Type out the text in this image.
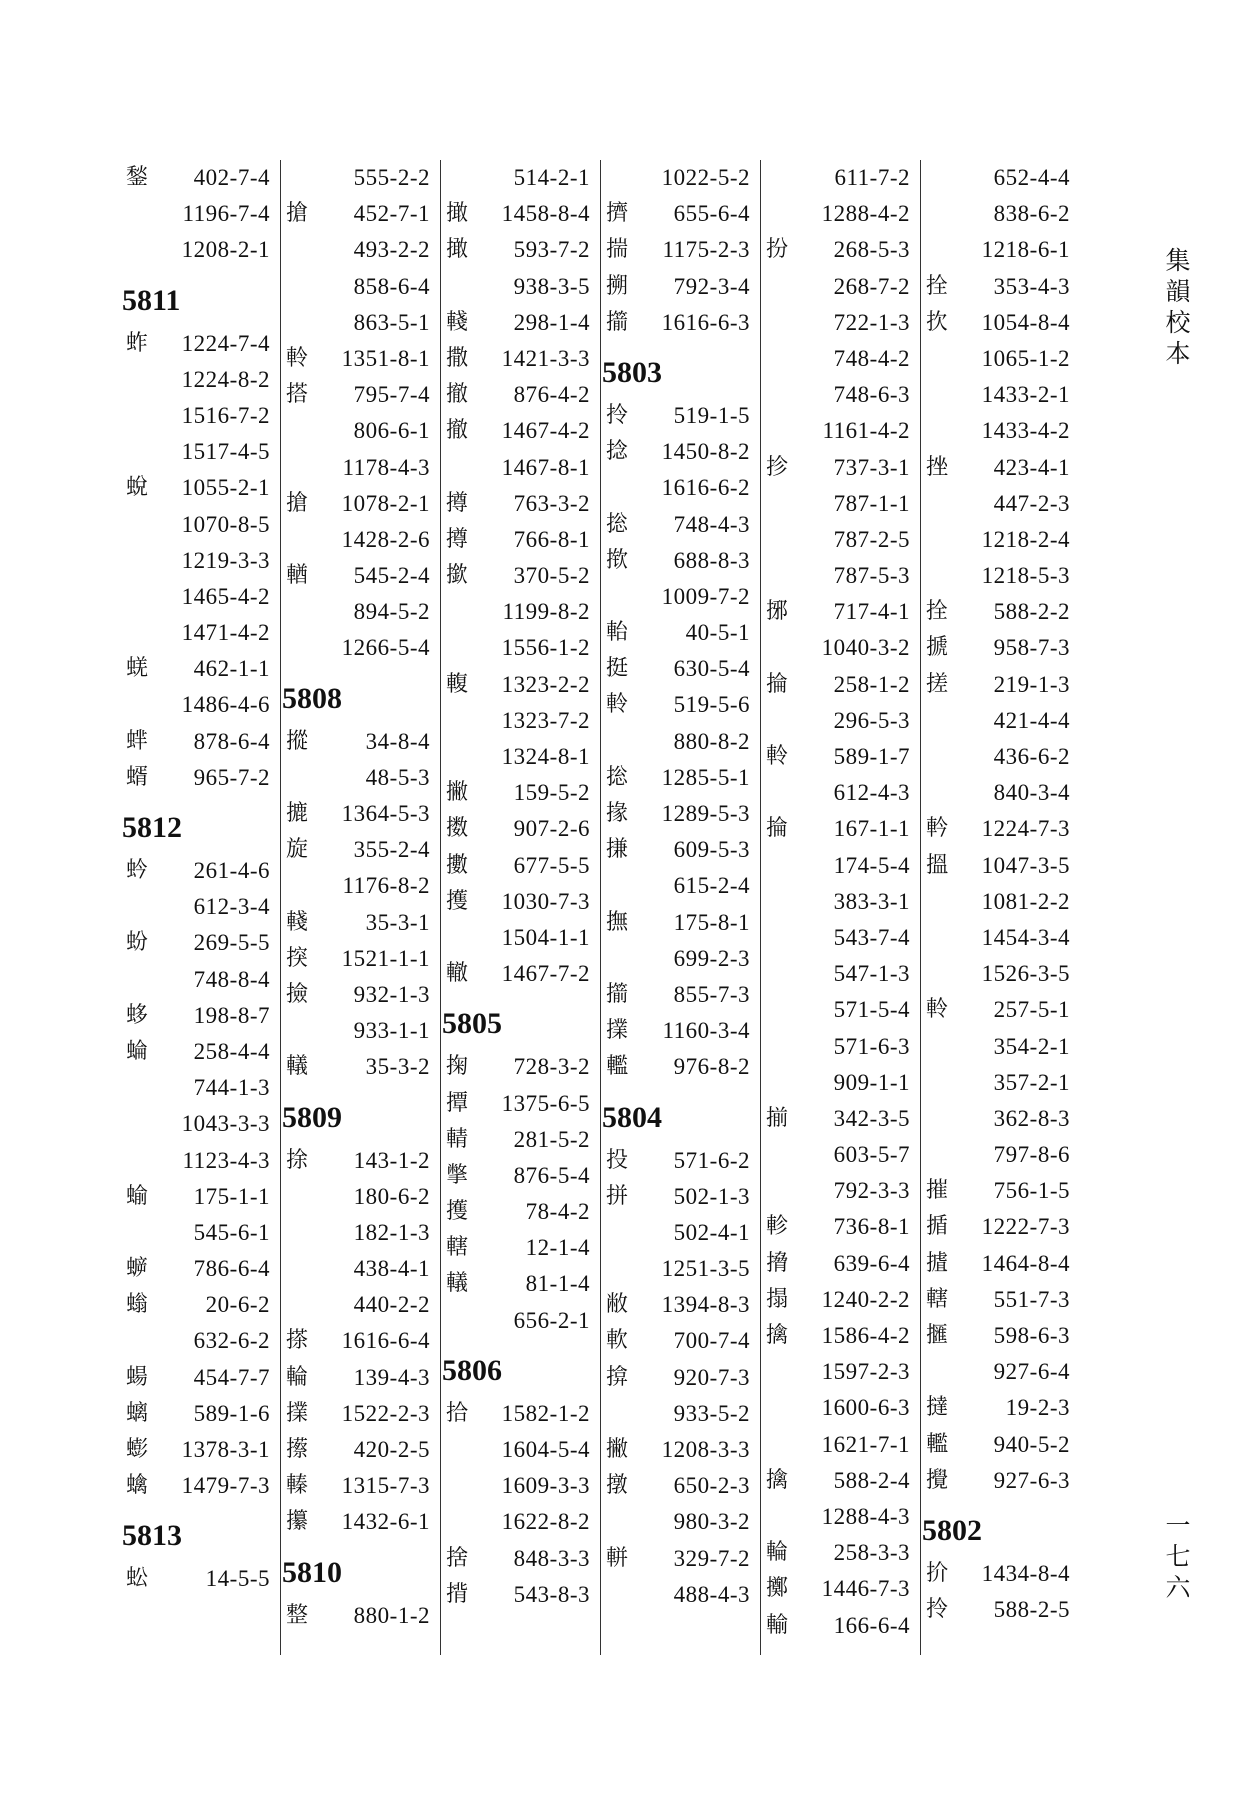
鍫 402-7-4
1196-7-4
1208-2-1
5811
蚱 1224-7-4
1224-8-2
1516-7-2
1517-4-5
蛻 1055-2-1
1070-8-5
1219-3-3
1465-4-2
1471-4-2
蜣 462-1-1
1486-4-6
蝆 878-6-4
蝑 965-7-2
5812
蚙 261-4-6
612-3-4
蚡 269-5-5
748-8-4
蛥 198-8-7
蜦 258-4-4
744-1-3
1043-3-3
1123-4-3
蝓 175-1-1
545-6-1
蝷 786-6-4
螉	20-6-2
632-6-2
蝪 454-7-7
螭 589-1-6
蟛 1378-3-1
蠄 1479-7-3
5813
蚣	14-5-5
555-2-2
搶 452-7-1
493-2-2
858-6-4
863-5-1
軨 1351-8-1
搭 795-7-4
806-6-1
1178-4-3
搶 1078-2-1
1428-2-6
輶 545-2-4
894-5-2
1266-5-4
5808
摐	34-8-4
48-5-3
摝 1364-5-3
旋 355-2-4
1176-8-2
輚	35-3-1
揬 1521-1-1
撿 932-1-3
933-1-1
轙	35-3-2
5809
捈 143-1-2
180-6-2
182-1-3
438-4-1
440-2-2
搽 1616-6-4
輪 139-4-3
擈 1522-2-3
攃 420-2-5
轃 1315-7-3
攥 1432-6-1
5810
整 880-1-2
514-2-1
撖 1458-8-4
撖 593-7-2
938-3-5
輚 298-1-4
撒 1421-3-3
撤 876-4-2
撤 1467-4-2
1467-8-1
撙 763-3-2
撙 766-8-1
撳 370-5-2
1199-8-2
1556-1-2
輹 1323-2-2
1323-7-2
1324-8-1
撇 159-5-2
擞 907-2-6
擻 677-5-5
擭 1030-7-3
1504-1-1
轍 1467-7-2
5805
掬 728-3-2
撢 1375-6-5
輤 281-5-2
撆 876-5-4
擭	78-4-2
轄	12-1-4
轙	81-1-4
656-2-1
5806
拾 1582-1-2
1604-5-4
1609-3-3
1622-8-2
捨 848-3-3
揹 543-8-3
1022-5-2
擠 655-6-4
揣 1175-2-3
搠 792-3-4
擶 1616-6-3
5803
拎 519-1-5
捻 1450-8-2
1616-6-2
捴 748-4-3
揿 688-8-3
1009-7-2
軩	40-5-1
挺 630-5-4
軨 519-5-6
880-8-2
捴 1285-5-1
掾 1289-5-3
搛 609-5-3
615-2-4
撫 175-8-1
699-2-3
擶 855-7-3
擈 1160-3-4
轞 976-8-2
5804
投 571-6-2
拼 502-1-3
502-4-1
1251-3-5
敝 1394-8-3
軟 700-7-4
揜 920-7-3
933-5-2
撇 1208-3-3
撴 650-2-3
980-3-2
軿 329-7-2
488-4-3
611-7-2
1288-4-2
扮 268-5-3
268-7-2
722-1-3
748-4-2
748-6-3
1161-4-2
抮 737-3-1
787-1-1
787-2-5
787-5-3
捓 717-4-1
1040-3-2
掄 258-1-2
296-5-3
軨 589-1-7
612-4-3
掄 167-1-1
174-5-4
383-3-1
543-7-4
547-1-3
571-5-4
571-6-3
909-1-1
揃 342-3-5
603-5-7
792-3-3
軫 736-8-1
搚 639-6-4
搨 1240-2-2
擒 1586-4-2
1597-2-3
1600-6-3
1621-7-1
擒 588-2-4
1288-4-3
輪 258-3-3
擲 1446-7-3
輸 166-6-4
652-4-4
838-6-2
1218-6-1
拴 353-4-3
扻 1054-8-4
1065-1-2
1433-2-1
1433-4-2
挫 423-4-1
447-2-3
1218-2-4
1218-5-3
拴 588-2-2
搋 958-7-3
搓 219-1-3
421-4-4
436-6-2
840-3-4
軡 1224-7-3
搵 1047-3-5
1081-2-2
1454-3-4
1526-3-5
軨 257-5-1
354-2-1
357-2-1
362-8-3
797-8-6
摧 756-1-5
揗 1222-7-3
摣 1464-8-4
轄 551-7-3
擓 598-6-3
927-6-4
撻	19-2-3
轞 940-5-2
攪 927-6-3
5802
扴 1434-8-4
拎 588-2-5
集韻校本
一七六
